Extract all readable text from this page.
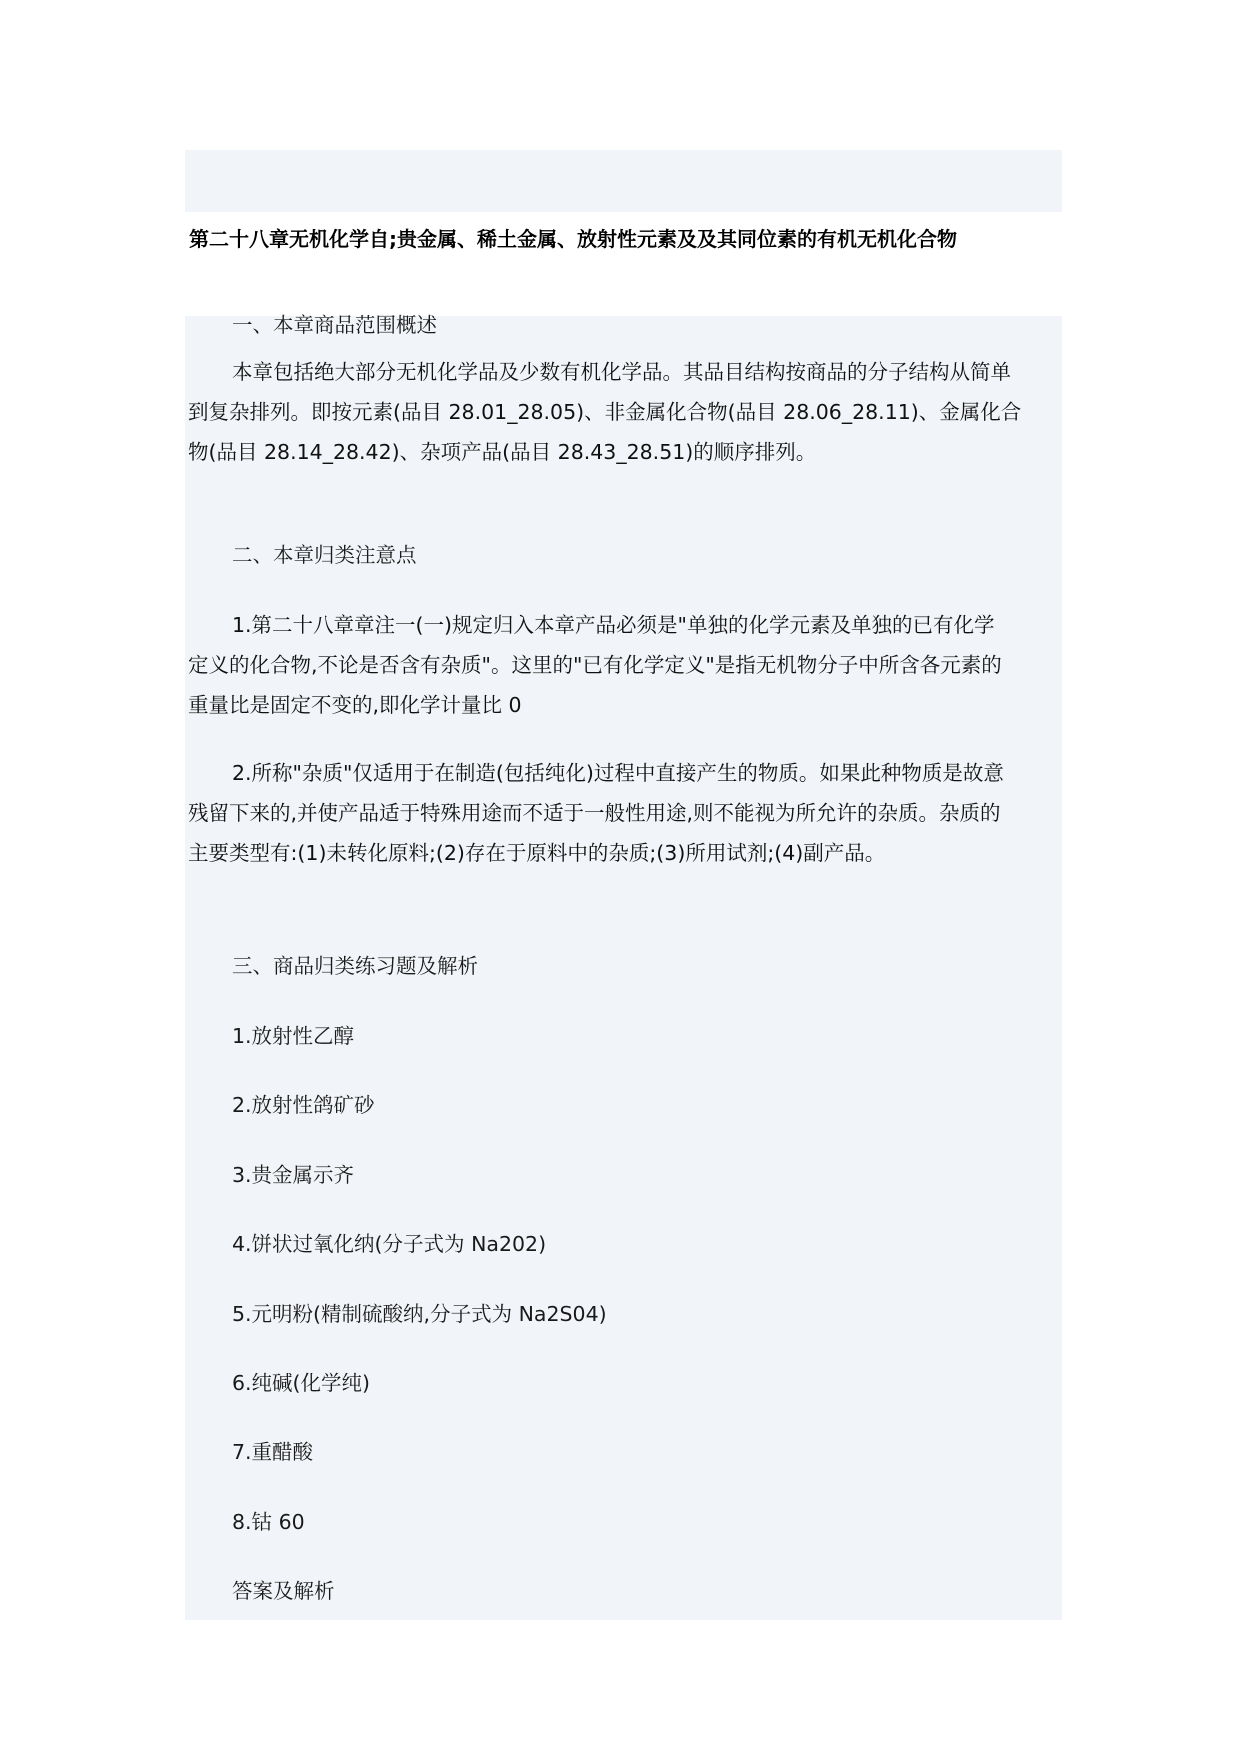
第二十八章无机化学自;贵金属、稀土金属、放射性元素及及其同位素的有机无机化合物
一、本章商品范围概述
本章包括绝大部分无机化学品及少数有机化学品。其品目结构按商品的分子结构从简单
到复杂排列。即按元素(品目 28.01_28.05)、非金属化合物(品目 28.06_28.11)、金属化合
物(品目 28.14_28.42)、杂项产品(品目 28.43_28.51)的顺序排列。
二、本章归类注意点
1.第二十八章章注一(一)规定归入本章产品必须是"单独的化学元素及单独的已有化学
定义的化合物,不论是否含有杂质"。这里的"已有化学定义"是指无机物分子中所含各元素的
重量比是固定不变的,即化学计量比 0
2.所称"杂质"仅适用于在制造(包括纯化)过程中直接产生的物质。如果此种物质是故意
残留下来的,并使产品适于特殊用途而不适于一般性用途,则不能视为所允许的杂质。杂质的
主要类型有:(1)未转化原料;(2)存在于原料中的杂质;(3)所用试剂;(4)副产品。
三、商品归类练习题及解析
1.放射性乙醇
2.放射性鸽矿砂
3.贵金属示齐
4.饼状过氧化纳(分子式为 Na202)
5.元明粉(精制硫酸纳,分子式为 Na2S04)
6.纯碱(化学纯)
7.重醋酸
8.钴 60
答案及解析
